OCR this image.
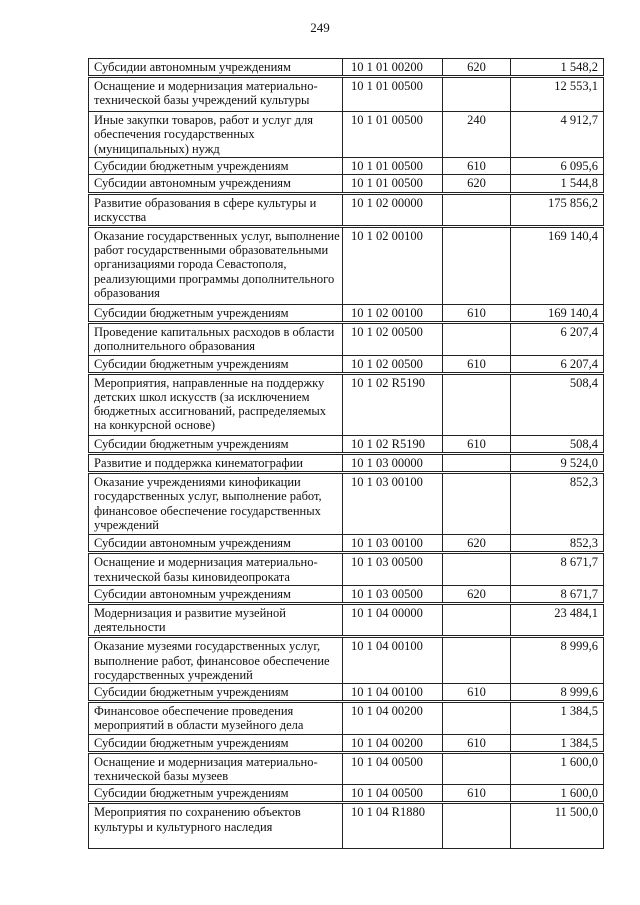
249
Субсидии автономным учреждениям	10 1 01 00200	620	1 548,2
Оснащение и модернизация материально-технической базы учреждений культуры	10 1 01 00500		12 553,1
Иные закупки товаров, работ и услуг для обеспечения государственных (муниципальных) нужд	10 1 01 00500	240	4 912,7
Субсидии бюджетным учреждениям	10 1 01 00500	610	6 095,6
Субсидии автономным учреждениям	10 1 01 00500	620	1 544,8
Развитие образования в сфере культуры и искусства	10 1 02 00000		175 856,2
Оказание государственных услуг, выполнение работ государственными образовательными организациями города Севастополя, реализующими программы дополнительного образования	10 1 02 00100		169 140,4
Субсидии бюджетным учреждениям	10 1 02 00100	610	169 140,4
Проведение капитальных расходов в области дополнительного образования	10 1 02 00500		6 207,4
Субсидии бюджетным учреждениям	10 1 02 00500	610	6 207,4
Мероприятия, направленные на поддержку детских школ искусств (за исключением бюджетных ассигнований, распределяемых на конкурсной основе)	10 1 02 R5190		508,4
Субсидии бюджетным учреждениям	10 1 02 R5190	610	508,4
Развитие и поддержка кинематографии	10 1 03 00000		9 524,0
Оказание учреждениями кинофикации государственных услуг, выполнение работ, финансовое обеспечение государственных учреждений	10 1 03 00100		852,3
Субсидии автономным учреждениям	10 1 03 00100	620	852,3
Оснащение и модернизация материально-технической базы киновидеопроката	10 1 03 00500		8 671,7
Субсидии автономным учреждениям	10 1 03 00500	620	8 671,7
Модернизация и развитие музейной деятельности	10 1 04 00000		23 484,1
Оказание музеями государственных услуг, выполнение работ, финансовое обеспечение государственных учреждений	10 1 04 00100		8 999,6
Субсидии бюджетным учреждениям	10 1 04 00100	610	8 999,6
Финансовое обеспечение проведения мероприятий в области музейного дела	10 1 04 00200		1 384,5
Субсидии бюджетным учреждениям	10 1 04 00200	610	1 384,5
Оснащение и модернизация материально-технической базы музеев	10 1 04 00500		1 600,0
Субсидии бюджетным учреждениям	10 1 04 00500	610	1 600,0
Мероприятия по сохранению объектов культуры и культурного наследия	10 1 04 R1880		11 500,0
